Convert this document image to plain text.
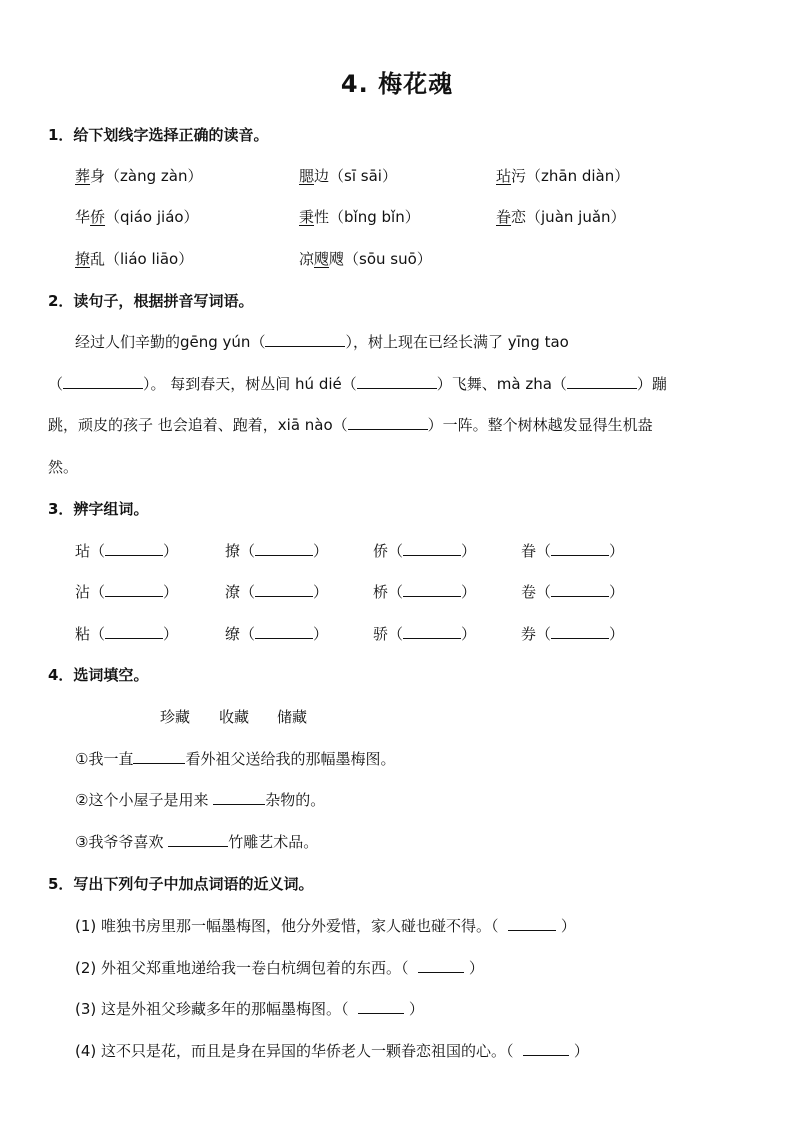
4. 梅花魂
1．给下划线字选择正确的读音。
葬身（zàng zàn）	腮边（sī sāi）	玷污（zhān diàn）
华侨（qiáo jiáo）	秉性（bǐng bǐn）	眷恋（juàn juǎn）
撩乱（liáo liāo）	凉飕飕（sōu suō）
2．读句子，根据拼音写词语。
经过人们辛勤的gēng yún（	），树上现在已经长满了 yīng tao
（	）。 每到春天，树丛间 hú dié（	）飞舞、mà zha（	）蹦
跳，顽皮的孩子 也会追着、跑着，xiā nào（	）一阵。整个树林越发显得生机盎
然。
3．辨字组词。
玷（	）	撩（	）	侨（	）	眷（	）
沾（	）	潦（	）	桥（	）	卷（	）
粘（	）	缭（	）	骄（	）	券（	）
4．选词填空。
珍藏 收藏 储藏
①我一直	看外祖父送给我的那幅墨梅图。
②这个小屋子是用来	杂物的。
③我爷爷喜欢	竹雕艺术品。
5．写出下列句子中加点词语的近义词。
(1) 唯独书房里那一幅墨梅图，他分外爱惜，家人碰也碰不得。（	）
(2) 外祖父郑重地递给我一卷白杭绸包着的东西。（	）
(3) 这是外祖父珍藏多年的那幅墨梅图。（	）
(4) 这不只是花，而且是身在异国的华侨老人一颗眷恋祖国的心。（	）
